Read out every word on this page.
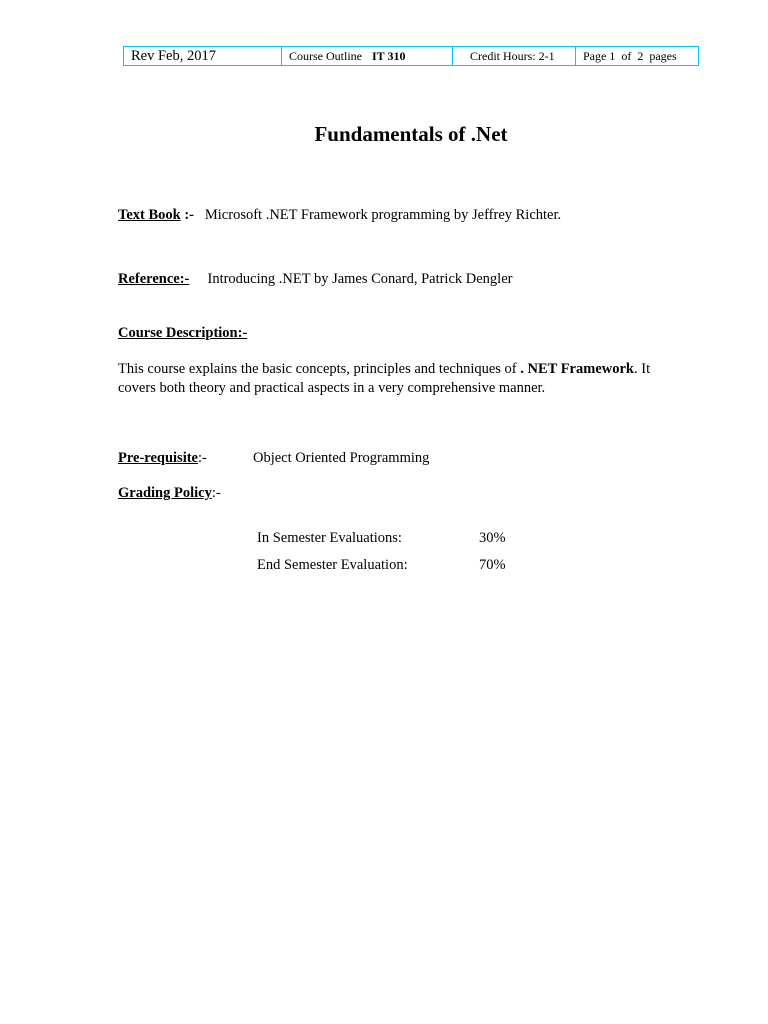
Rev Feb, 2017	Course Outline IT 310	Credit Hours: 2-1 Page 1  of  2  pages
Fundamentals of .Net
Text Book :- Microsoft .NET Framework programming by Jeffrey Richter.
Reference:- Introducing .NET by James Conard, Patrick Dengler
Course Description:-
This course explains the basic concepts, principles and techniques of . NET Framework. It covers both theory and practical aspects in a very comprehensive manner.
Pre-requisite:-	Object Oriented Programming
Grading Policy:-
In Semester Evaluations:	30%
End Semester Evaluation:	70%
